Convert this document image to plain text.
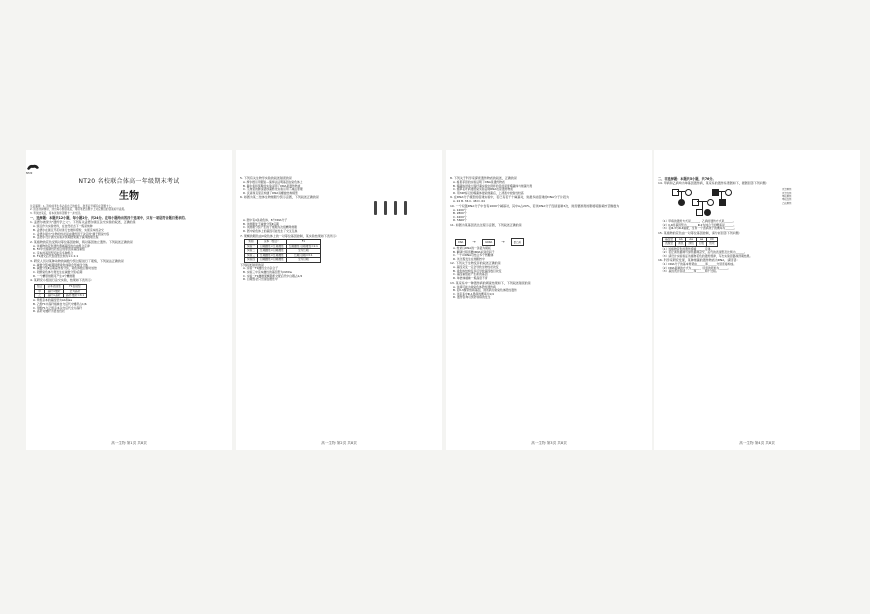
NT20
NT20 名校联合体高一年级期末考试
生物
注意事项：1. 答卷前考生务必将自己的姓名、准考证号填写在答题卡上。
2. 回答选择题时，选出每小题答案后，用铅笔把答题卡上对应题目的答案标号涂黑。
3. 考试结束后，将本试卷和答题卡一并交回。
一、选择题：本题共12小题，每小题2分，共24分。在每小题给出的四个选项中，只有一项是符合题目要求的。
1. 孟德尔被誉为"遗传学之父"。下列有关孟德尔豌豆杂交实验的叙述，正确的是
A. 豌豆作为实验材料，在自然状态下一般是纯种
B. 孟德尔在豌豆开花时进行去雄和授粉，实现亲本的杂交
C. 孟德尔提出"生物的性状是由遗传因子决定的"属于假说内容
D. 孟德尔设计测交实验并预期结果属于演绎推理过程
2. 某植物的花色受两对等位基因控制，两对基因独立遗传。下列叙述正确的是
A. 该植物的花色遗传遵循基因的自由组合定律
B. F2中出现新性状组合的原因是基因重组
C. 亲本的基因型可能有多种组合
D. F1测交后代表现型比例为1:1:1:1
3. 研究人员对某种动物的减数分裂过程进行了观察，下列说法正确的是
A. 减数分裂Ⅰ前期同源染色体联会形成四分体
B. 减数分裂Ⅱ后期着丝粒分裂，染色体数目暂时加倍
C. 同源染色体分离发生在减数分裂Ⅰ后期
D. 一个精原细胞可产生4个精细胞
4. 某研究小组进行杂交实验，结果如下表所示：
组合	亲本表现型	F1表现型
甲	高秆×矮秆	全为高秆
乙	高秆×高秆	高秆:矮秆=3:1
A. 甲组亲本的基因型为AA和aa
B. 乙组F1中高秆植株自交后代中矮秆占1/6
C. 甲组F1与乙组亲本杂交后代全为高秆
D. 高秆对矮秆为显性性状
高一生物 第1页 共8页
5. 下列有关生物学实验的叙述错误的是
A. 摩尔根运用假说—演绎法证明基因在染色体上
B. 赫尔希和蔡斯的实验证明了DNA是遗传物质
C. 艾弗里的肺炎链球菌转化实验运用了减法原理
D. 沃森和克里克构建了DNA双螺旋结构模型
6. 如图为某二倍体生物细胞分裂示意图，下列叙述正确的是

A. 图中有4条染色体、8个DNA分子
B. 该细胞处于减数分裂Ⅱ后期
C. 该细胞分裂产生的子细胞为次级精母细胞
D. 图中染色体上的基因可能发生了交叉互换
7. 果蝇的眼色由X染色体上的一对等位基因控制，某实验结果如下表所示：
实验	亲本（组合）	F1
实验一	白眼雌性×红眼雄性	红眼雌性:白眼雄性=1:1
实验二	红眼雌性×白眼雄性	全为红眼
实验三	红眼雌性×红眼雄性	红眼:白眼=3:1
实验四	白眼雌性×白眼雄性	全为白眼
下列叙述错误的是
A. 实验一F1雌性全为杂合子
B. 实验三中亲本雌性的基因型为XWXw
C. 实验二F1雌雄果蝇随机交配后代中白眼占1/4
D. 白眼性状只出现在雄性中
高一生物 第2页 共8页
8. 下列关于科学家探索遗传物质的叙述，正确的是
A. 格里菲思的实验证明了DNA是遗传物质
B. 噬菌体侵染大肠杆菌实验中搅拌的目的是使噬菌体与细菌分离
C. 烟草花叶病毒感染实验证明RNA也是遗传物质
D. 用32P标记的噬菌体侵染细菌后，上清液中放射性较高
9. 在DNA分子模型的搭建实验中，若已有若干个碱基对，则最多能搭建的DNA分子片段为
A. 24 B. 36 C. 48 D. 64
10. 一个双链DNA分子中含有1000个碱基对，其中A占20%，若该DNA分子连续复制3次，则需要游离的胞嘧啶脱氧核苷酸数为
A. 1400个
B. 2800个
C. 4200个
D. 5600个
11. 如图为某基因表达过程示意图，下列叙述正确的是
DNA →	mRNA →	蛋白质
A. 转录以DNA的一条链为模板
B. 翻译过程需要tRNA识别密码子
C. 一个mRNA可结合多个核糖体
D. 该过程发生在细胞核中
12. 下列关于生物变异的叙述正确的是
A. 基因突变一定会导致生物性状改变
B. 染色体结构变异可导致基因数目改变
C. 基因重组能产生新的基因
D. 单倍体植株一般高度不育
13. 某家系中一种遗传病的调查结果如下，下列叙述错误的是
A. 该病可能为常染色体隐性遗传病
B. 若Ⅱ-3携带致病基因，则该病为常染色体隐性遗传
C. 该家系中Ⅲ-1患病的概率为1/4
D. 遗传咨询可预防该病的发生
高一生物 第3页 共8页
二、非选择题：本题共5小题，共76分。
14. 甲病和乙病均为单基因遗传病，某家系的遗传系谱图如下，据图回答下列问题：
正常男性
正常女性
甲病男性
甲病女性
乙病男性
（1）甲病的遗传方式是______，乙病的遗传方式是______。
（2）Ⅱ-4的基因型为______，Ⅲ-2为纯合子的概率是______。
（3）若Ⅲ-3与Ⅲ-4婚配，生育一个患病孩子的概率为______。
15. 某植物的花色由一对等位基因控制，请分析回答下列问题：
基因型	AA	Aa	aa	XX
表现型	黄色	绿色	白色	致死
（1）该植物花色的遗传遵循______定律。
（2）若让黄色植株与绿色植株杂交，后代的表现型及比例为______。
（3）请设计实验验证该植物花色的遗传规律，写出实验思路和预期结果。
16. 科学家研究发现，某种细菌的遗传物质为DNA，请回答：
（1）DNA分子的基本骨架由______和______交替连接构成。
（2）DNA复制的方式为______，所需的原料为______。
（3）基因表达包括______和______两个过程。
高一生物 第4页 共8页
